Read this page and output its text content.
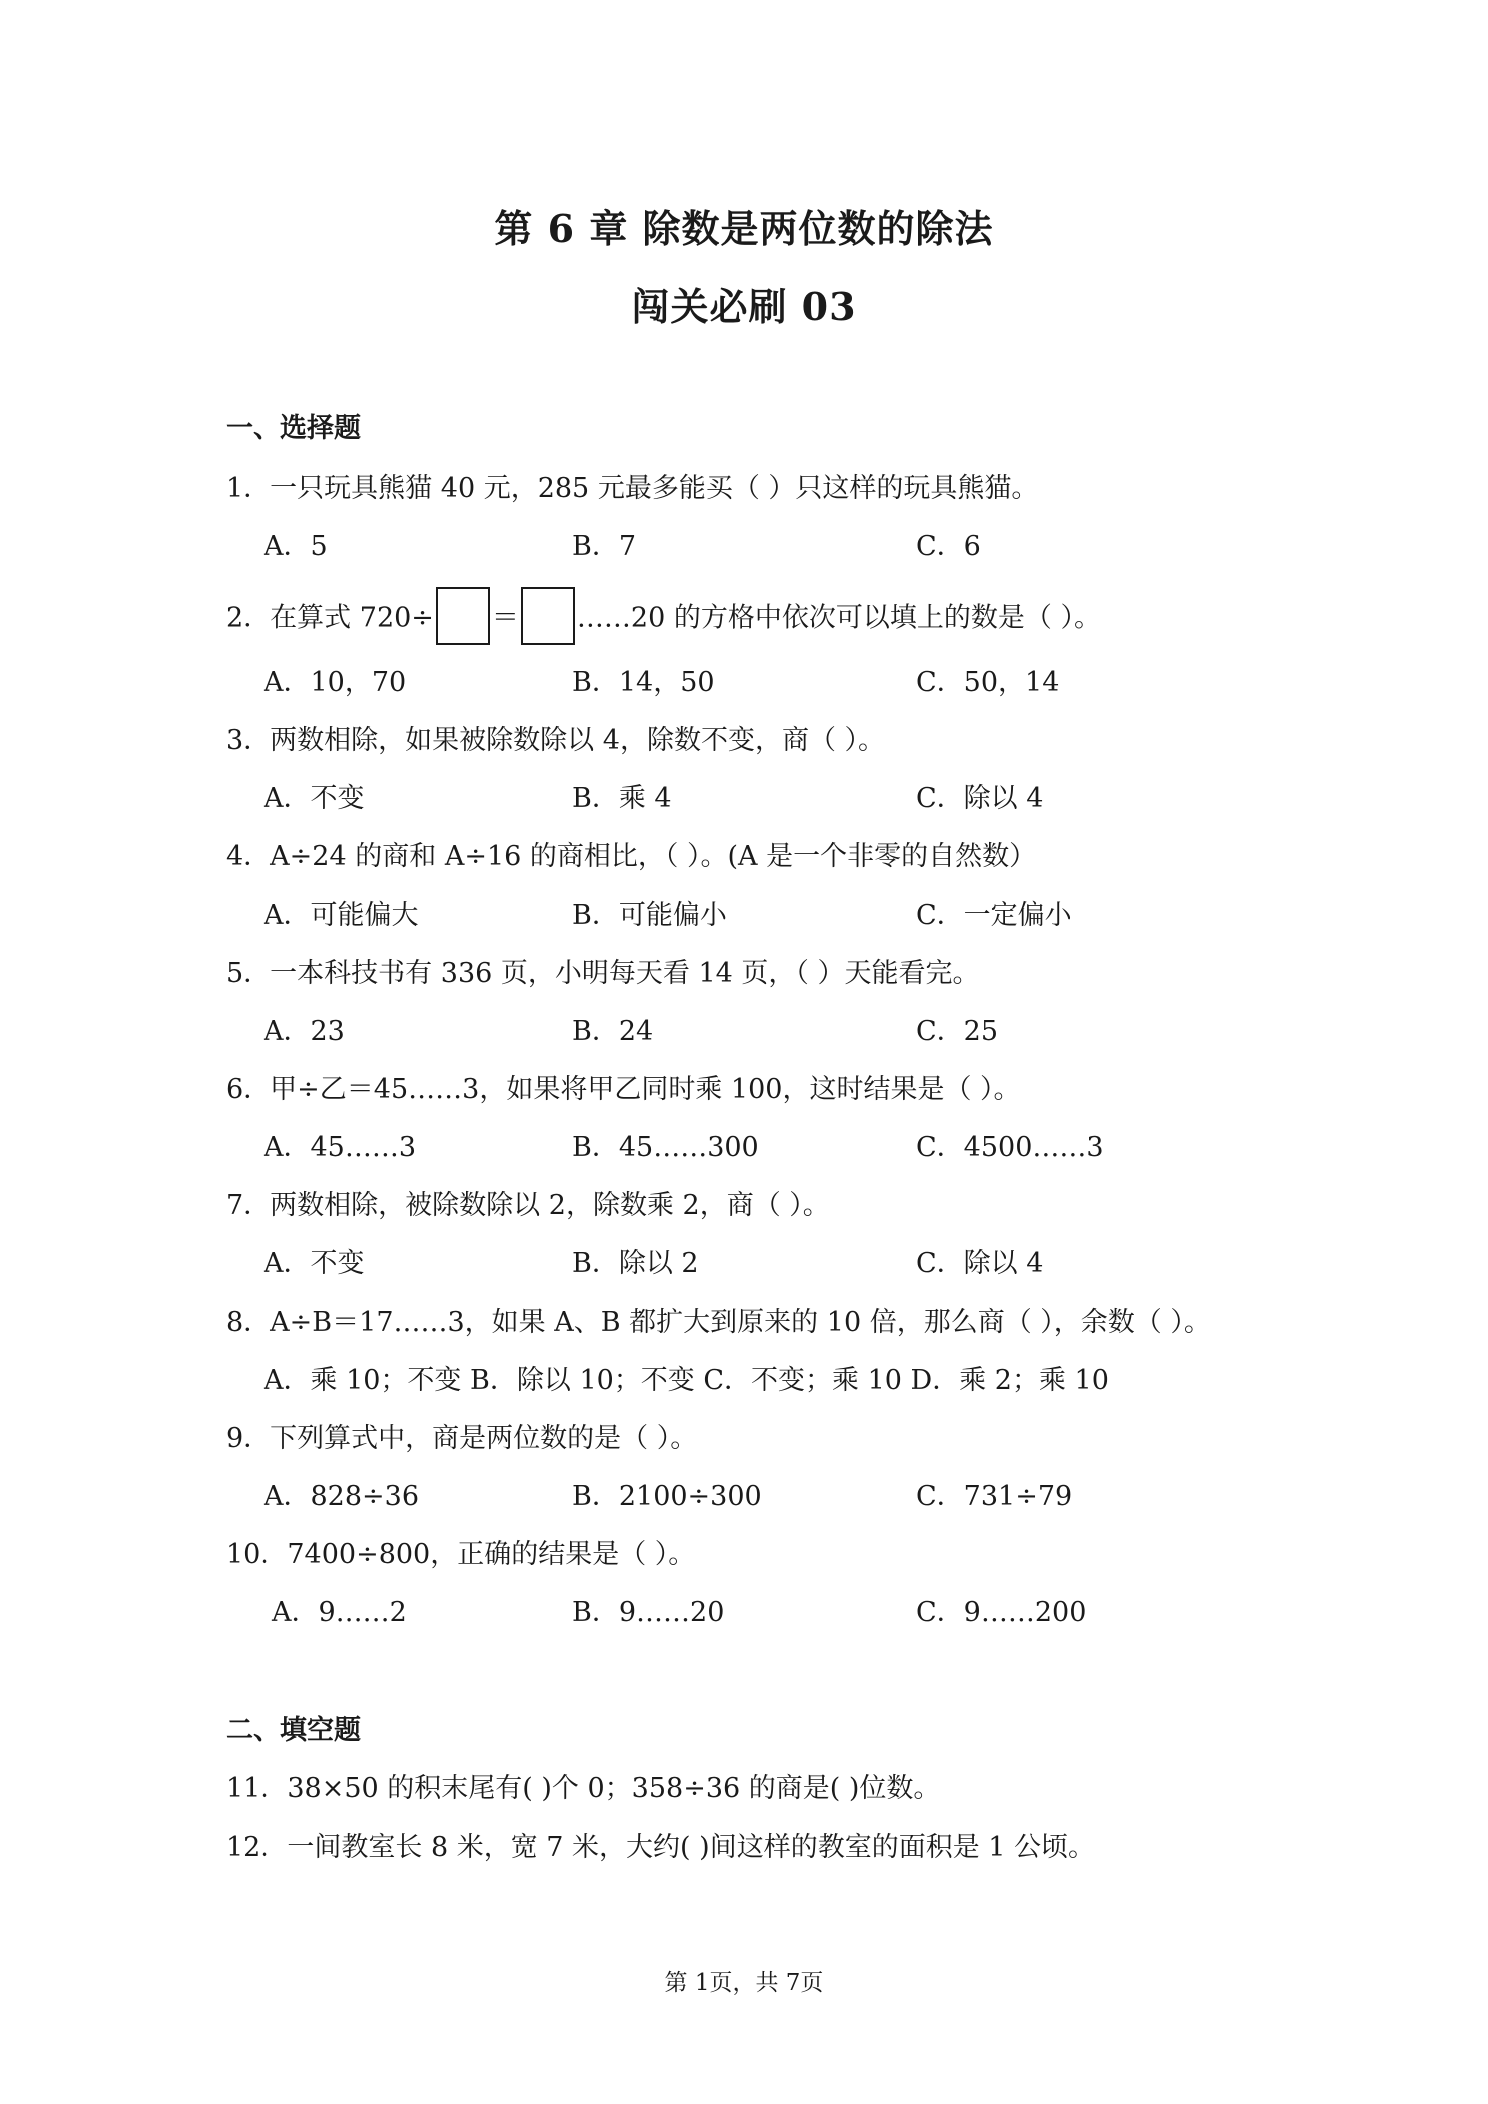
第 6 章 除数是两位数的除法
闯关必刷 03
一、选择题
1．一只玩具熊猫 40 元，285 元最多能买（ ）只这样的玩具熊猫。
A．5	B．7	C．6
2．在算式 720÷ ＝ ……20 的方格中依次可以填上的数是（ ）。
A．10，70	B．14，50	C．50，14
3．两数相除，如果被除数除以 4，除数不变，商（ ）。
A．不变	B．乘 4	C．除以 4
4．A÷24 的商和 A÷16 的商相比，（ ）。(A 是一个非零的自然数）
A．可能偏大	B．可能偏小	C．一定偏小
5．一本科技书有 336 页，小明每天看 14 页，（ ）天能看完。
A．23	B．24	C．25
6．甲÷乙＝45……3，如果将甲乙同时乘 100，这时结果是（ ）。
A．45……3	B．45……300	C．4500……3
7．两数相除，被除数除以 2，除数乘 2，商（ ）。
A．不变	B．除以 2	C．除以 4
8．A÷B＝17……3，如果 A、B 都扩大到原来的 10 倍，那么商（ ），余数（ ）。
A．乘 10；不变 B．除以 10；不变 C．不变；乘 10 D．乘 2；乘 10
9．下列算式中，商是两位数的是（ ）。
A．828÷36	B．2100÷300	C．731÷79
10．7400÷800，正确的结果是（ ）。
A．9……2	B．9……20	C．9……200
二、填空题
11．38×50 的积末尾有( )个 0；358÷36 的商是( )位数。
12．一间教室长 8 米，宽 7 米，大约( )间这样的教室的面积是 1 公顷。
第 1页，共 7页
